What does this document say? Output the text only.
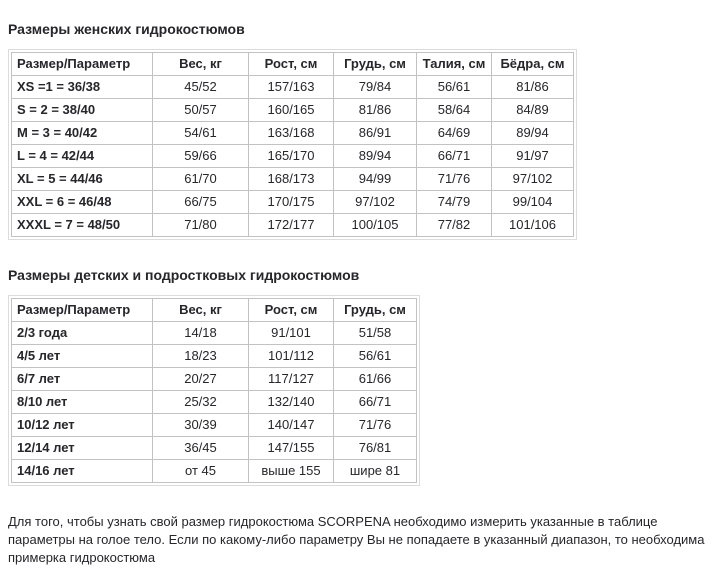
Размеры женских гидрокостюмов
Размер/Параметр	Вес, кг	Рост, см	Грудь, см	Талия, см	Бёдра, см
XS =1 = 36/38	45/52	157/163	79/84	56/61	81/86
S = 2 = 38/40	50/57	160/165	81/86	58/64	84/89
M = 3 = 40/42	54/61	163/168	86/91	64/69	89/94
L = 4 = 42/44	59/66	165/170	89/94	66/71	91/97
XL = 5 = 44/46	61/70	168/173	94/99	71/76	97/102
XXL = 6 = 46/48	66/75	170/175	97/102	74/79	99/104
XXXL = 7 = 48/50	71/80	172/177	100/105	77/82	101/106
Размеры детских и подростковых гидрокостюмов
Размер/Параметр	Вес, кг	Рост, см	Грудь, см
2/3 года	14/18	91/101	51/58
4/5 лет	18/23	101/112	56/61
6/7 лет	20/27	117/127	61/66
8/10 лет	25/32	132/140	66/71
10/12 лет	30/39	140/147	71/76
12/14 лет	36/45	147/155	76/81
14/16 лет	от 45	выше 155	шире 81

Для того, чтобы узнать свой размер гидрокостюма SCORPENA необходимо измерить указанные в таблице параметры на голое тело. Если по какому-либо параметру Вы не попадаете в указанный диапазон, то необходима примерка гидрокостюма
